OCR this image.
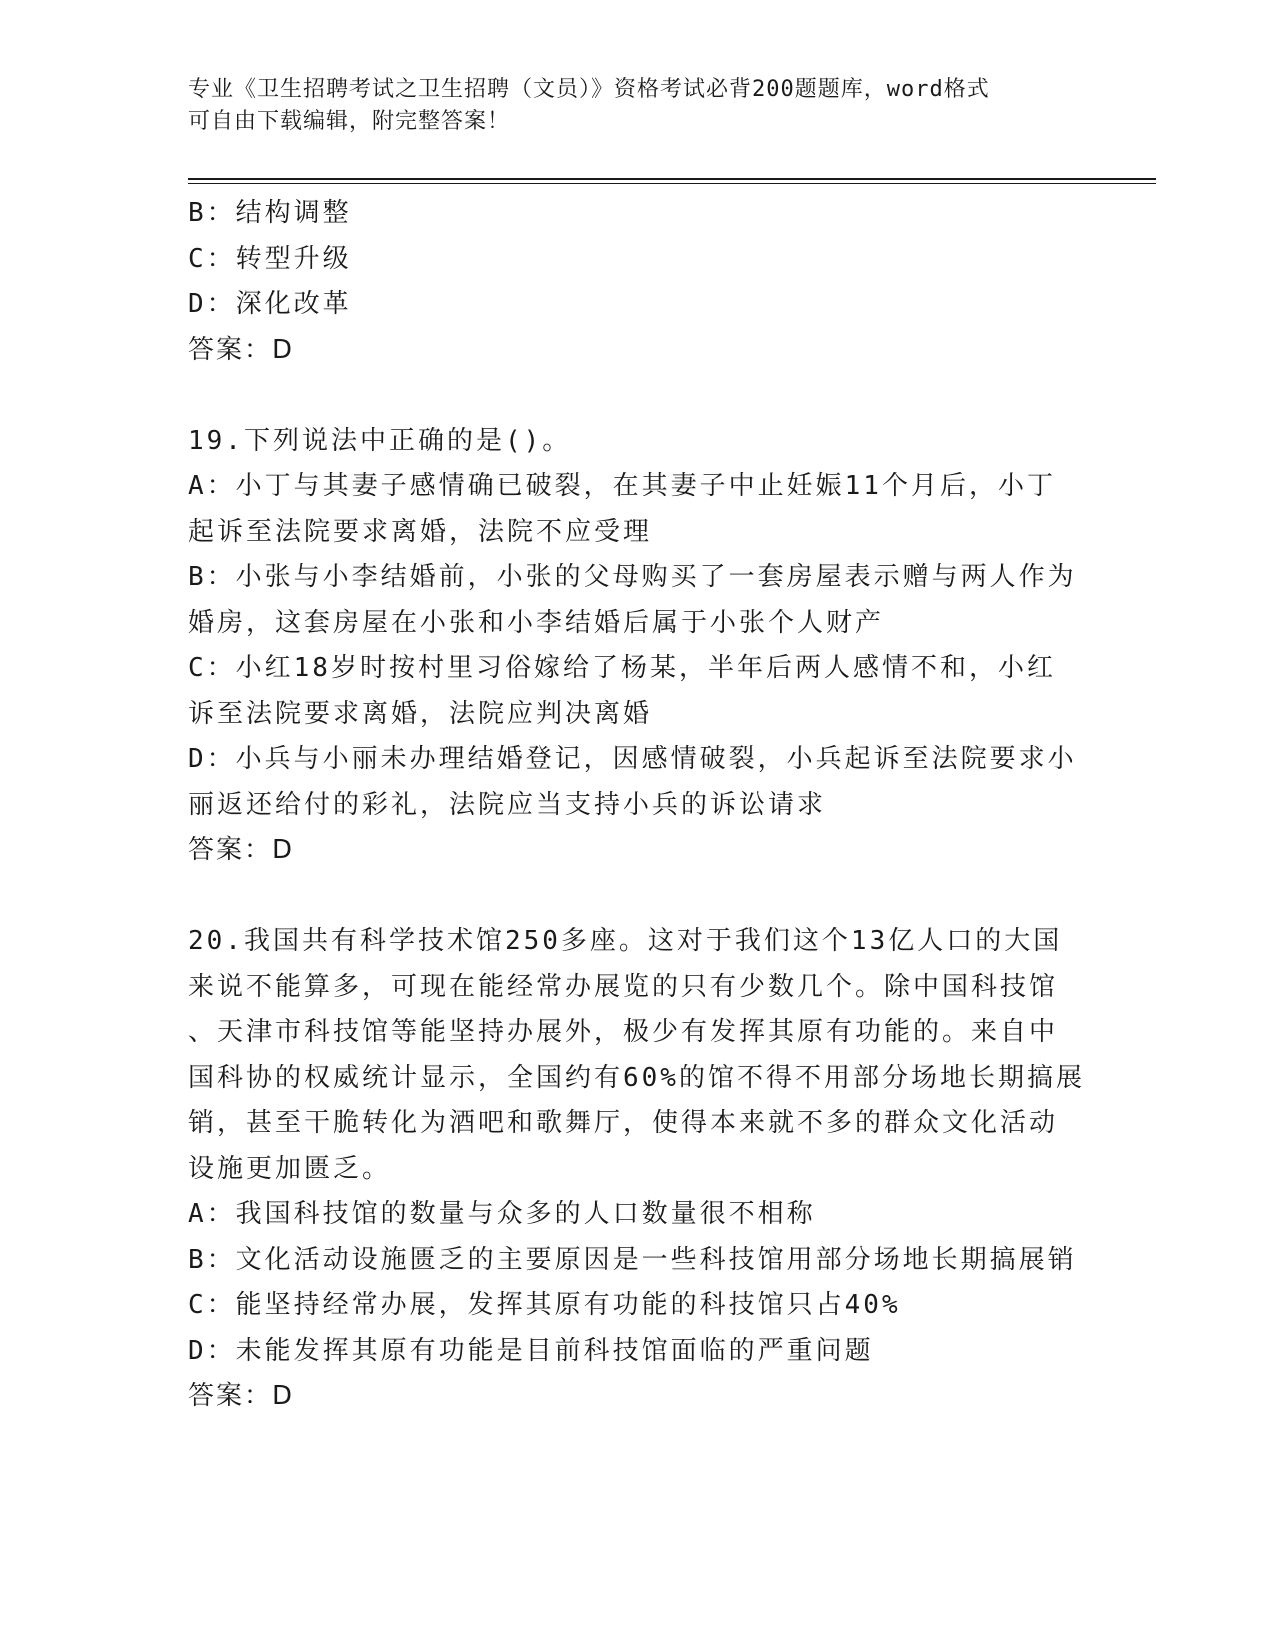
专业《卫生招聘考试之卫生招聘（文员）》资格考试必背200题题库，word格式
可自由下载编辑，附完整答案！
B：结构调整
C：转型升级
D：深化改革
答案：D
19.下列说法中正确的是()。
A：小丁与其妻子感情确已破裂，在其妻子中止妊娠11个月后，小丁
起诉至法院要求离婚，法院不应受理
B：小张与小李结婚前，小张的父母购买了一套房屋表示赠与两人作为
婚房，这套房屋在小张和小李结婚后属于小张个人财产
C：小红18岁时按村里习俗嫁给了杨某，半年后两人感情不和，小红
诉至法院要求离婚，法院应判决离婚
D：小兵与小丽未办理结婚登记，因感情破裂，小兵起诉至法院要求小
丽返还给付的彩礼，法院应当支持小兵的诉讼请求
答案：D
20.我国共有科学技术馆250多座。这对于我们这个13亿人口的大国
来说不能算多，可现在能经常办展览的只有少数几个。除中国科技馆
、天津市科技馆等能坚持办展外，极少有发挥其原有功能的。来自中
国科协的权威统计显示，全国约有60%的馆不得不用部分场地长期搞展
销，甚至干脆转化为酒吧和歌舞厅，使得本来就不多的群众文化活动
设施更加匮乏。
A：我国科技馆的数量与众多的人口数量很不相称
B：文化活动设施匮乏的主要原因是一些科技馆用部分场地长期搞展销
C：能坚持经常办展，发挥其原有功能的科技馆只占40%
D：未能发挥其原有功能是目前科技馆面临的严重问题
答案：D
